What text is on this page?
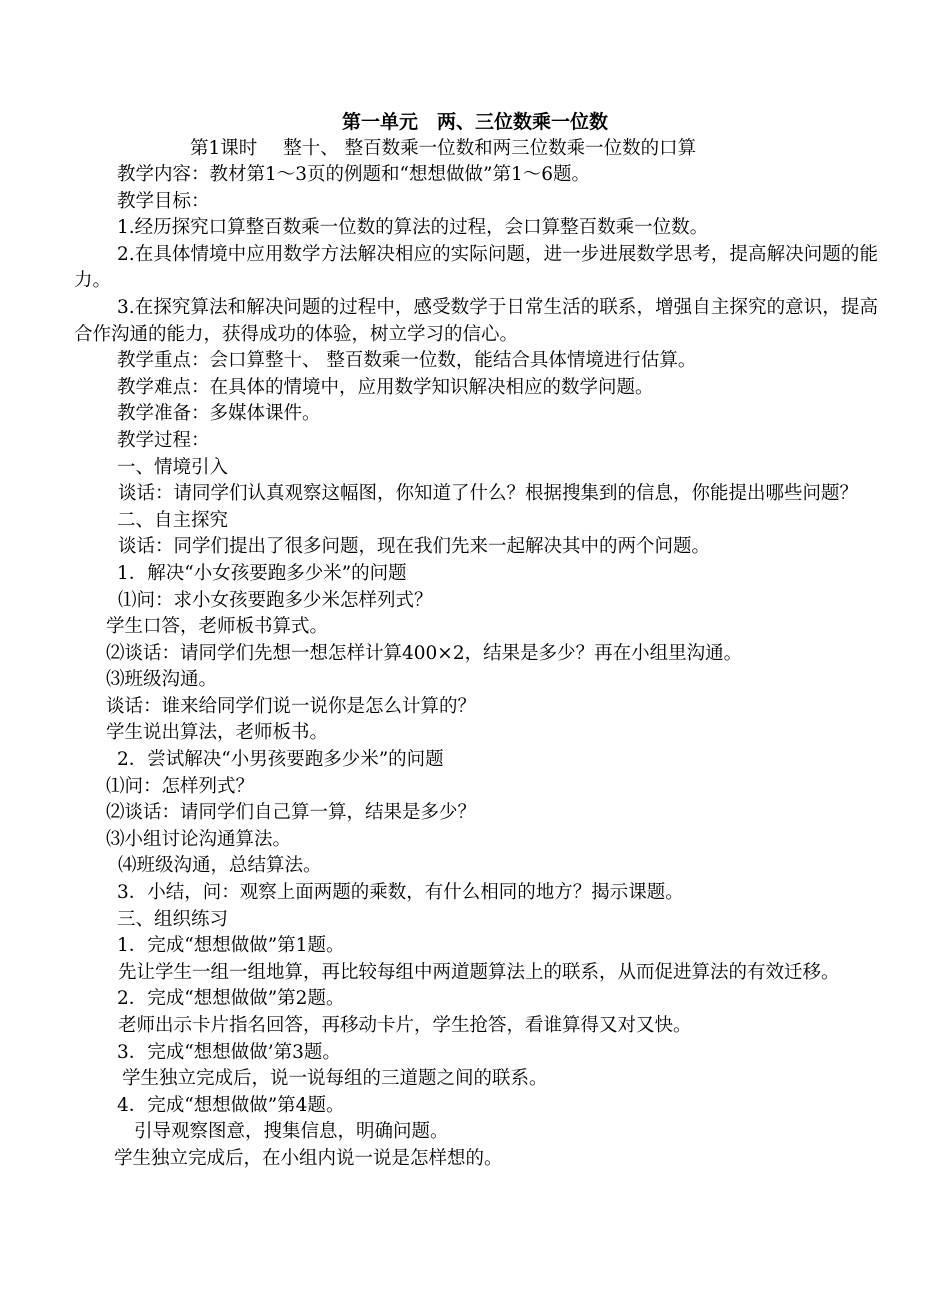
第一单元　两、三位数乘一位数
第1课时 整十、 整百数乘一位数和两三位数乘一位数的口算

教学内容：教材第1～3页的例题和“想想做做”第1～6题。

教学目标：

1.经历探究口算整百数乘一位数的算法的过程，会口算整百数乘一位数。

2.在具体情境中应用数学方法解决相应的实际问题，进一步进展数学思考，提高解决问题的能力。

3.在探究算法和解决问题的过程中，感受数学于日常生活的联系，增强自主探究的意识，提高合作沟通的能力，获得成功的体验，树立学习的信心。

教学重点：会口算整十、 整百数乘一位数，能结合具体情境进行估算。

教学难点：在具体的情境中，应用数学知识解决相应的数学问题。

教学准备：多媒体课件。

教学过程：

一、情境引入

谈话：请同学们认真观察这幅图，你知道了什么？根据搜集到的信息，你能提出哪些问题？

二、自主探究

谈话：同学们提出了很多问题，现在我们先来一起解决其中的两个问题。

1．解决“小女孩要跑多少米”的问题

⑴问：求小女孩要跑多少米怎样列式？

学生口答，老师板书算式。

⑵谈话：请同学们先想一想怎样计算400×2，结果是多少？再在小组里沟通。

⑶班级沟通。

谈话：谁来给同学们说一说你是怎么计算的？

学生说出算法，老师板书。

2．尝试解决“小男孩要跑多少米”的问题

⑴问：怎样列式？

⑵谈话：请同学们自己算一算，结果是多少？

⑶小组讨论沟通算法。

⑷班级沟通，总结算法。

3．小结，问：观察上面两题的乘数，有什么相同的地方？揭示课题。

三、组织练习

1．完成“想想做做”第1题。

先让学生一组一组地算，再比较每组中两道题算法上的联系，从而促进算法的有效迁移。

2．完成“想想做做”第2题。

老师出示卡片指名回答，再移动卡片，学生抢答，看谁算得又对又快。

3．完成“想想做做’第3题。

学生独立完成后，说一说每组的三道题之间的联系。

4．完成“想想做做”第4题。

引导观察图意，搜集信息，明确问题。

学生独立完成后，在小组内说一说是怎样想的。
